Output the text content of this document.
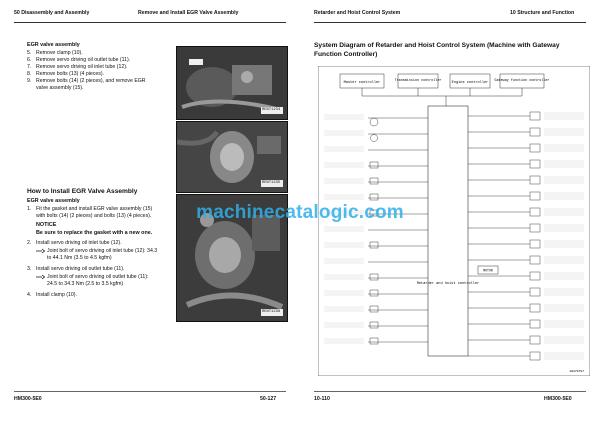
50 Disassembly and Assembly	Remove and Install EGR Valve Assembly
EGR valve assembly
5. Remove clamp (10).
6. Remove servo driving oil outlet tube (11).
7. Remove servo driving oil inlet tube (12).
8. Remove bolts (13) (4 pieces).
9. Remove bolts (14) (2 pieces), and remove EGR valve assembly (15).
How to Install EGR Valve Assembly
EGR valve assembly
1. Fit the gasket and install EGR valve assembly (15) with bolts (14) (2 pieces) and bolts (13) (4 pieces).
NOTICE
Be sure to replace the gasket with a new one.
2. Install servo driving oil inlet tube (12).
Joint bolt of servo driving oil inlet tube (12): 34.3 to 44.1 Nm (3.5 to 4.5 kgfm)
3. Install servo driving oil outlet tube (11).
Joint bolt of servo driving oil outlet tube (11): 24.5 to 34.3 Nm (2.5 to 3.5 kgfm)
4. Install clamp (10).
RENT1234
RENT1235
RENT1236
HM300-5E0	50-127
Retarder and Hoist Control System	10 Structure and Function
System Diagram of Retarder and Hoist Control System (Machine with Gateway Function Controller)
10-110	HM300-5E0
Master controller	Transmission controller	Engine controller Gateway function controller
Retarder and hoist controller
MOTOR
G0079797
machinecatalogic.com
